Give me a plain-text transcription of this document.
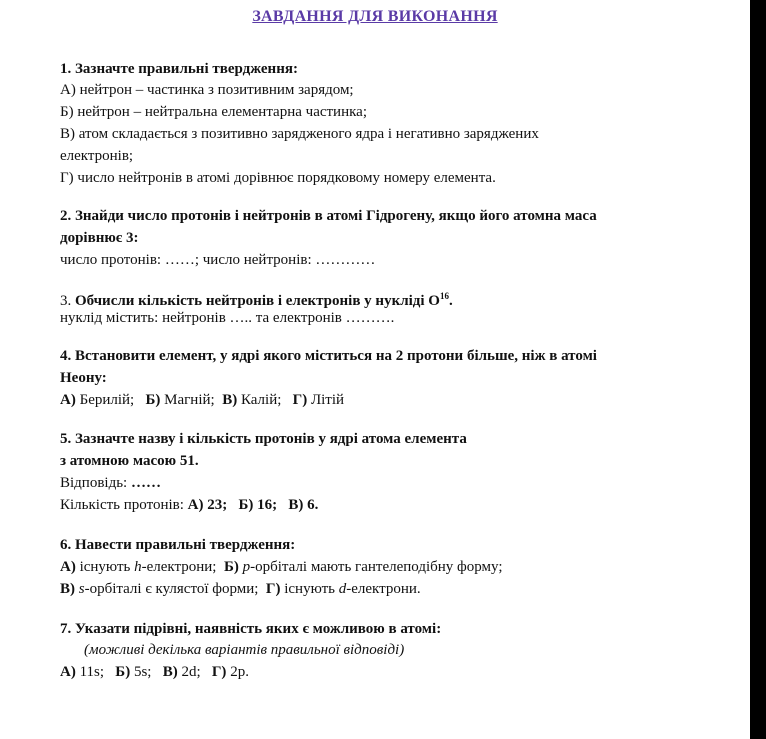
ЗАВДАННЯ ДЛЯ ВИКОНАННЯ
1. Зазначте правильні твердження:
А) нейтрон – частинка з позитивним зарядом;
Б) нейтрон – нейтральна елементарна частинка;
В) атом складається з позитивно зарядженого ядра і негативно заряджених
електронів;
Г) число нейтронів в атомі дорівнює порядковому номеру елемента.
2. Знайди число протонів і нейтронів в атомі Гідрогену, якщо його атомна маса
дорівнює 3:
число протонів: ……; число нейтронів: …………
3. Обчисли кількість нейтронів і електронів у нукліді $О^{16}$.
нуклід містить: нейтронів ….. та електронів ……….
4. Встановити елемент, у ядрі якого міститься на 2 протони більше, ніж в атомі
Неону:
А) Берилій; Б) Магній; В) Калій; Г) Літій
5. Зазначте назву і кількість протонів у ядрі атома елемента
з атомною масою 51.
Відповідь: ……
Кількість протонів: А) 23; Б) 16; В) 6.
6. Навести правильні твердження:
А) існують h-електрони; Б) р-орбіталі мають гантелеподібну форму;
В) s-орбіталі є кулястої форми; Г) існують d-електрони.
7. Указати підрівні, наявність яких є можливою в атомі:
(можливі декілька варіантів правильної відповіді)
А) 11s; Б) 5s; В) 2d; Г) 2р.
